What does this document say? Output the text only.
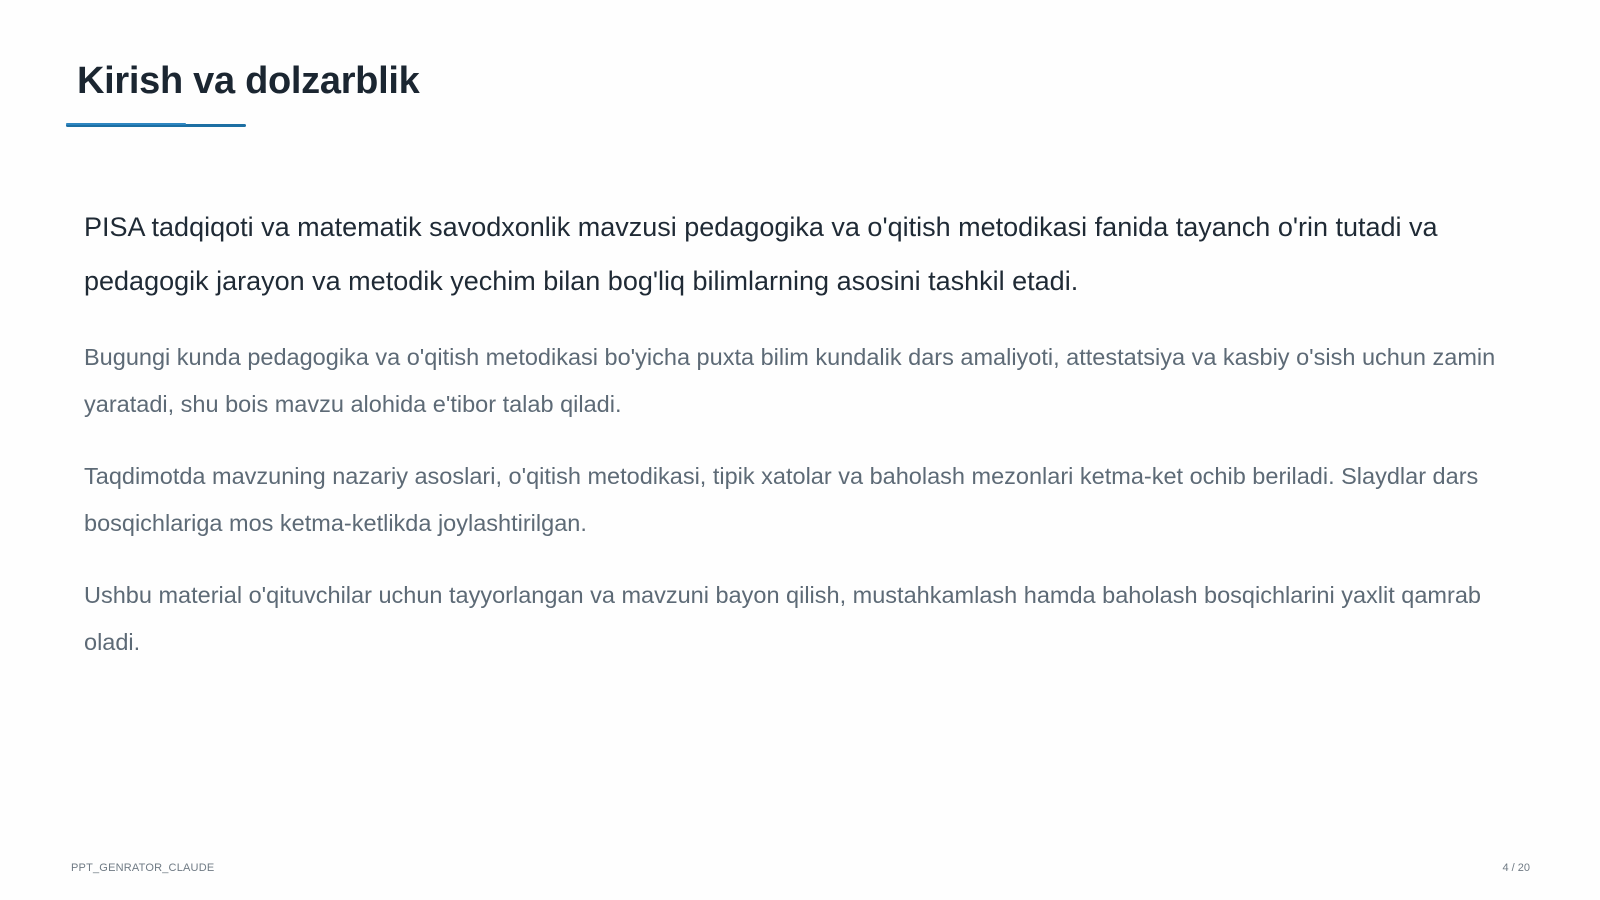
Kirish va dolzarblik

PISA tadqiqoti va matematik savodxonlik mavzusi pedagogika va o'qitish metodikasi fanida tayanch o'rin tutadi va pedagogik jarayon va metodik yechim bilan bog'liq bilimlarning asosini tashkil etadi.

Bugungi kunda pedagogika va o'qitish metodikasi bo'yicha puxta bilim kundalik dars amaliyoti, attestatsiya va kasbiy o'sish uchun zamin yaratadi, shu bois mavzu alohida e'tibor talab qiladi.

Taqdimotda mavzuning nazariy asoslari, o'qitish metodikasi, tipik xatolar va baholash mezonlari ketma-ket ochib beriladi. Slaydlar dars bosqichlariga mos ketma-ketlikda joylashtirilgan.

Ushbu material o'qituvchilar uchun tayyorlangan va mavzuni bayon qilish, mustahkamlash hamda baholash bosqichlarini yaxlit qamrab oladi.

PPT_GENRATOR_CLAUDE	4 / 20
